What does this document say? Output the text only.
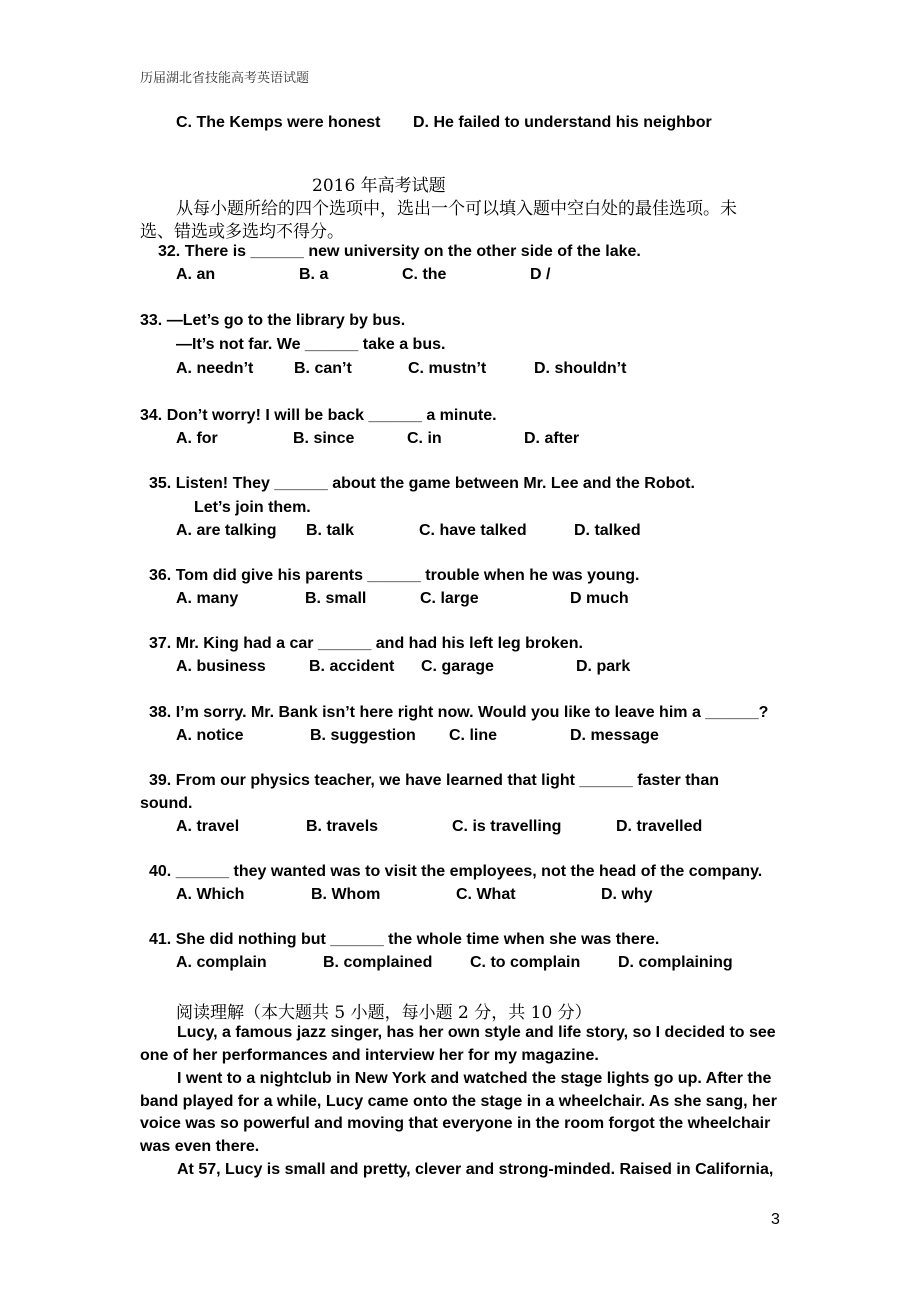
历届湖北省技能高考英语试题
C. The Kemps were honest D. He failed to understand his neighbor
2016 年高考试题
从每小题所给的四个选项中，选出一个可以填入题中空白处的最佳选项。未
选、错选或多选均不得分。
32. There is ______ new university on the other side of the lake.
A. an	B. a	C. the	D /
33. —Let’s go to the library by bus.
—It’s not far. We ______ take a bus.
A. needn’t	B. can’t	C. mustn’t	D. shouldn’t
34. Don’t worry! I will be back ______ a minute.
A. for	B. since	C. in	D. after
35. Listen! They ______ about the game between Mr. Lee and the Robot.
Let’s join them.
A. are talking B. talk	C. have talked	D. talked
36. Tom did give his parents ______ trouble when he was young.
A. many	B. small	C. large	D much
37. Mr. King had a car ______ and had his left leg broken.
A. business	B. accident C. garage	D. park
38. I’m sorry. Mr. Bank isn’t here right now. Would you like to leave him a ______?
A. notice	B. suggestion C. line	D. message
39. From our physics teacher, we have learned that light ______ faster than
sound.
A. travel	B. travels	C. is travelling	D. travelled
40. ______ they wanted was to visit the employees, not the head of the company.
A. Which	B. Whom	C. What	D. why
41. She did nothing but ______ the whole time when she was there.
A. complain	B. complained C. to complain D. complaining
阅读理解（本大题共 5 小题，每小题 2 分，共 10 分）
Lucy, a famous jazz singer, has her own style and life story, so I decided to see one of her performances and interview her for my magazine.
I went to a nightclub in New York and watched the stage lights go up. After the band played for a while, Lucy came onto the stage in a wheelchair. As she sang, her voice was so powerful and moving that everyone in the room forgot the wheelchair was even there.
At 57, Lucy is small and pretty, clever and strong-minded. Raised in California,
3
